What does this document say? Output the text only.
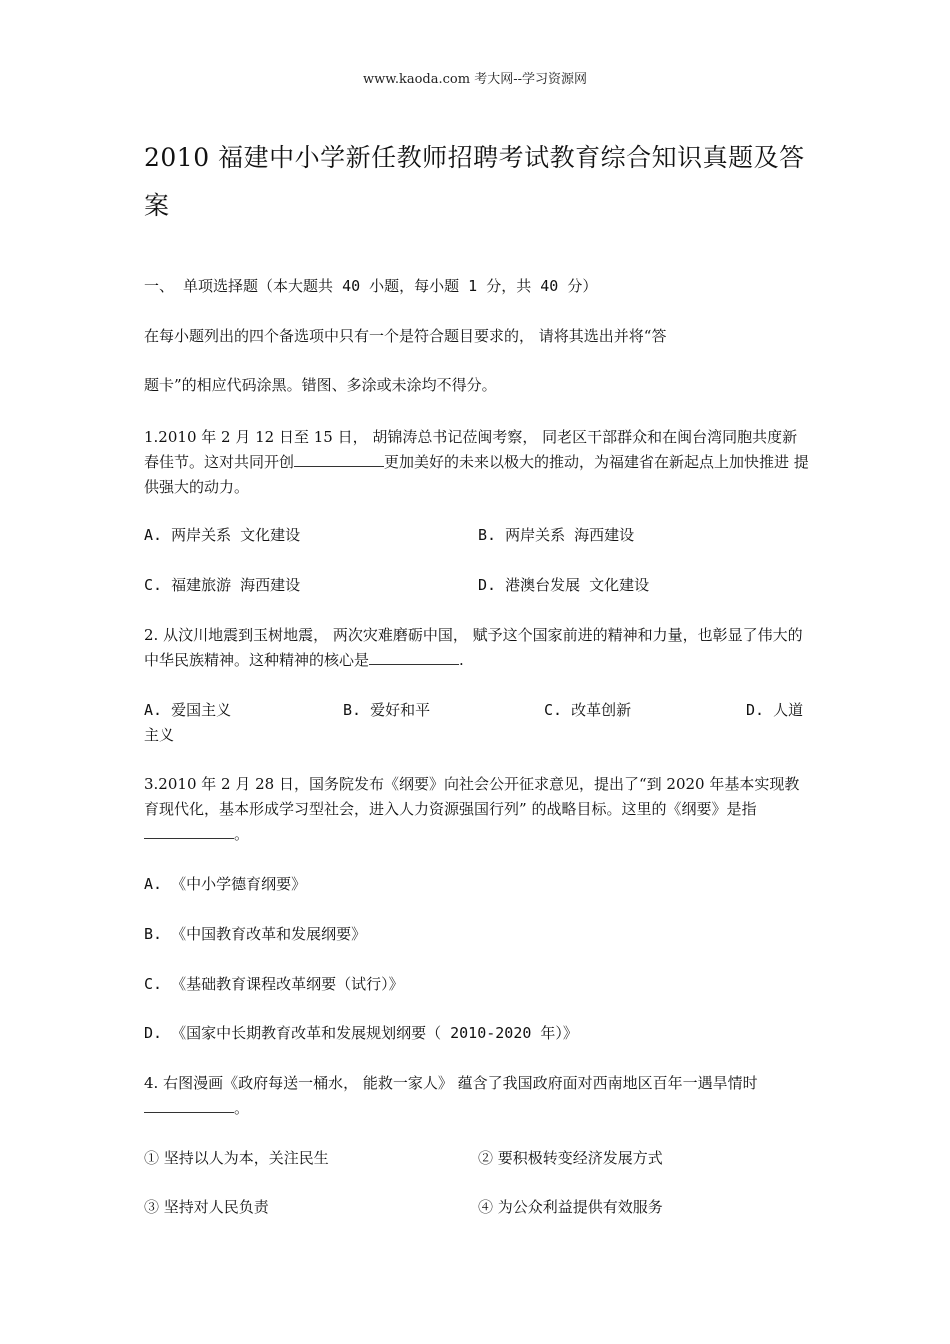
www.kaoda.com 考大网--学习资源网
2010 福建中小学新任教师招聘考试教育综合知识真题及答案
一、 单项选择题（本大题共 40 小题，每小题 1 分，共 40 分）
在每小题列出的四个备选项中只有一个是符合题目要求的， 请将其选出并将“答
题卡”的相应代码涂黑。错图、多涂或未涂均不得分。
1.2010 年 2 月 12 日至 15 日， 胡锦涛总书记莅闽考察， 同老区干部群众和在闽台湾同胞共度新春佳节。这对共同开创	更加美好的未来以极大的推动，为福建省在新起点上加快推进 提供强大的动力。
A. 两岸关系 文化建设	B. 两岸关系 海西建设
C. 福建旅游 海西建设	D. 港澳台发展 文化建设
2. 从汶川地震到玉树地震， 两次灾难磨砺中国， 赋予这个国家前进的精神和力量，也彰显了伟大的中华民族精神。这种精神的核心是	.
A. 爱国主义	B. 爱好和平	C. 改革创新	D. 人道
主义
3.2010 年 2 月 28 日，国务院发布《纲要》向社会公开征求意见，提出了“到 2020 年基本实现教育现代化，基本形成学习型社会，进入人力资源强国行列” 的战略目标。这里的《纲要》是指。
A. 《中小学德育纲要》
B. 《中国教育改革和发展纲要》
C. 《基础教育课程改革纲要（试行）》
D. 《国家中长期教育改革和发展规划纲要（ 2010-2020 年）》
4. 右图漫画《政府每送一桶水， 能救一家人》 蕴含了我国政府面对西南地区百年一遇旱情时。
① 坚持以人为本，关注民生	② 要积极转变经济发展方式
③ 坚持对人民负责	④ 为公众利益提供有效服务
